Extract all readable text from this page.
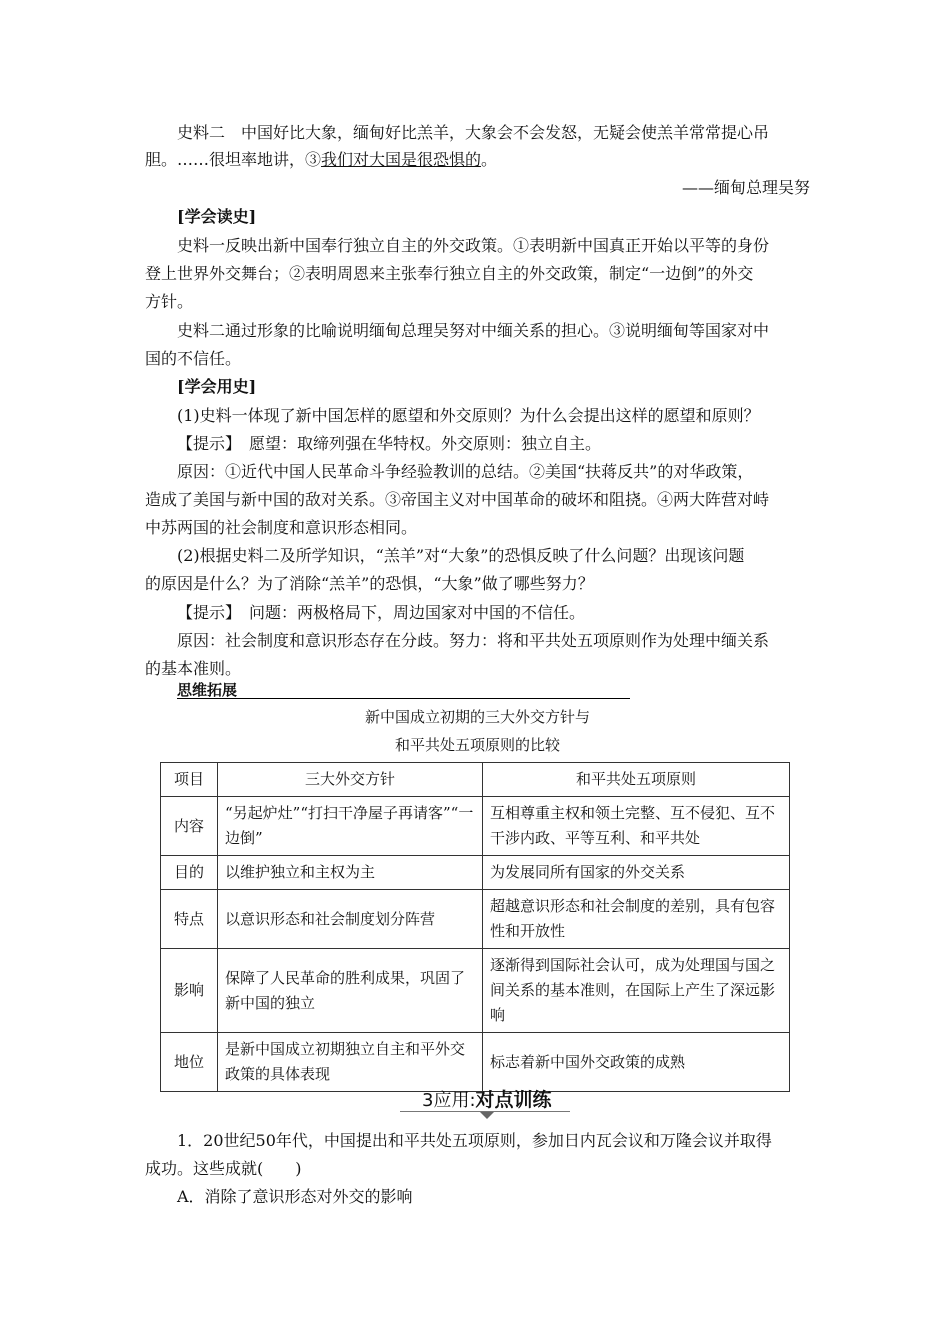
史料二　中国好比大象，缅甸好比羔羊，大象会不会发怒，无疑会使羔羊常常提心吊
胆。……很坦率地讲，③我们对大国是很恐惧的。
——缅甸总理吴努
[学会读史]
史料一反映出新中国奉行独立自主的外交政策。①表明新中国真正开始以平等的身份
登上世界外交舞台；②表明周恩来主张奉行独立自主的外交政策，制定“一边倒”的外交
方针。
史料二通过形象的比喻说明缅甸总理吴努对中缅关系的担心。③说明缅甸等国家对中
国的不信任。
[学会用史]
(1)史料一体现了新中国怎样的愿望和外交原则？为什么会提出这样的愿望和原则？
【提示】　愿望：取缔列强在华特权。外交原则：独立自主。
原因：①近代中国人民革命斗争经验教训的总结。②美国“扶蒋反共”的对华政策，
造成了美国与新中国的敌对关系。③帝国主义对中国革命的破坏和阻挠。④两大阵营对峙
中苏两国的社会制度和意识形态相同。
(2)根据史料二及所学知识，“羔羊”对“大象”的恐惧反映了什么问题？出现该问题
的原因是什么？为了消除“羔羊”的恐惧，“大象”做了哪些努力？
【提示】　问题：两极格局下，周边国家对中国的不信任。
原因：社会制度和意识形态存在分歧。努力：将和平共处五项原则作为处理中缅关系
的基本准则。
思维拓展
新中国成立初期的三大外交方针与
和平共处五项原则的比较
项目	三大外交方针	和平共处五项原则
内容	“另起炉灶”“打扫干净屋子再请客”“一边倒”	互相尊重主权和领土完整、互不侵犯、互不干涉内政、平等互利、和平共处
目的	以维护独立和主权为主	为发展同所有国家的外交关系
特点	以意识形态和社会制度划分阵营	超越意识形态和社会制度的差别，具有包容性和开放性
影响	保障了人民革命的胜利成果，巩固了新中国的独立	逐渐得到国际社会认可，成为处理国与国之间关系的基本准则，在国际上产生了深远影响
地位	是新中国成立初期独立自主和平外交政策的具体表现	标志着新中国外交政策的成熟
3应用:对点训练
1．20世纪50年代，中国提出和平共处五项原则，参加日内瓦会议和万隆会议并取得
成功。这些成就(　　)
A．消除了意识形态对外交的影响
